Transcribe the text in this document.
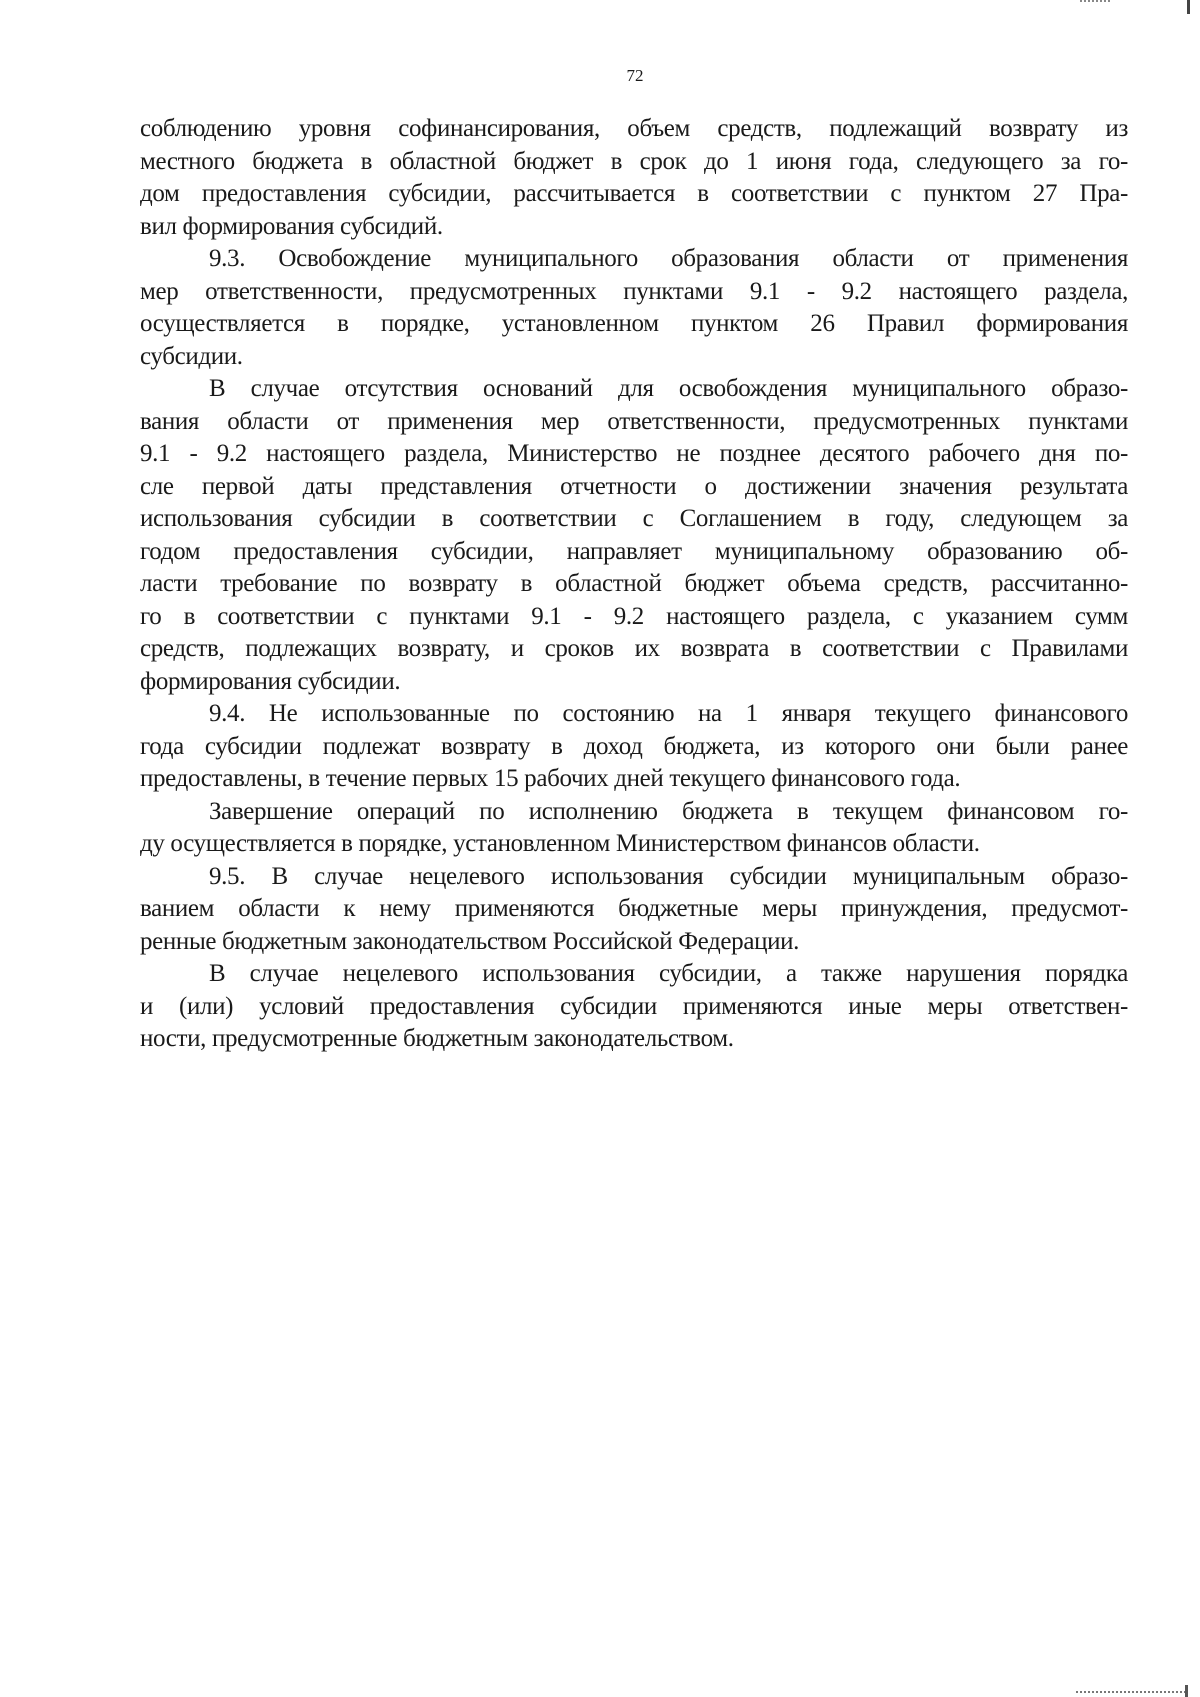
72
соблюдению уровня софинансирования, объем средств, подлежащий возврату из
местного бюджета в областной бюджет в срок до 1 июня года, следующего за го-
дом предоставления субсидии, рассчитывается в соответствии с пунктом 27 Пра-
вил формирования субсидий.
9.3. Освобождение муниципального образования области от применения
мер ответственности, предусмотренных пунктами 9.1 - 9.2 настоящего раздела,
осуществляется в порядке, установленном пунктом 26 Правил формирования
субсидии.
В случае отсутствия оснований для освобождения муниципального образо-
вания области от применения мер ответственности, предусмотренных пунктами
9.1 - 9.2 настоящего раздела, Министерство не позднее десятого рабочего дня по-
сле первой даты представления отчетности о достижении значения результата
использования субсидии в соответствии с Соглашением в году, следующем за
годом предоставления субсидии, направляет муниципальному образованию об-
ласти требование по возврату в областной бюджет объема средств, рассчитанно-
го в соответствии с пунктами 9.1 - 9.2 настоящего раздела, с указанием сумм
средств, подлежащих возврату, и сроков их возврата в соответствии с Правилами
формирования субсидии.
9.4. Не использованные по состоянию на 1 января текущего финансового
года субсидии подлежат возврату в доход бюджета, из которого они были ранее
предоставлены, в течение первых 15 рабочих дней текущего финансового года.
Завершение операций по исполнению бюджета в текущем финансовом го-
ду осуществляется в порядке, установленном Министерством финансов области.
9.5. В случае нецелевого использования субсидии муниципальным образо-
ванием области к нему применяются бюджетные меры принуждения, предусмот-
ренные бюджетным законодательством Российской Федерации.
В случае нецелевого использования субсидии, а также нарушения порядка
и (или) условий предоставления субсидии применяются иные меры ответствен-
ности, предусмотренные бюджетным законодательством.
